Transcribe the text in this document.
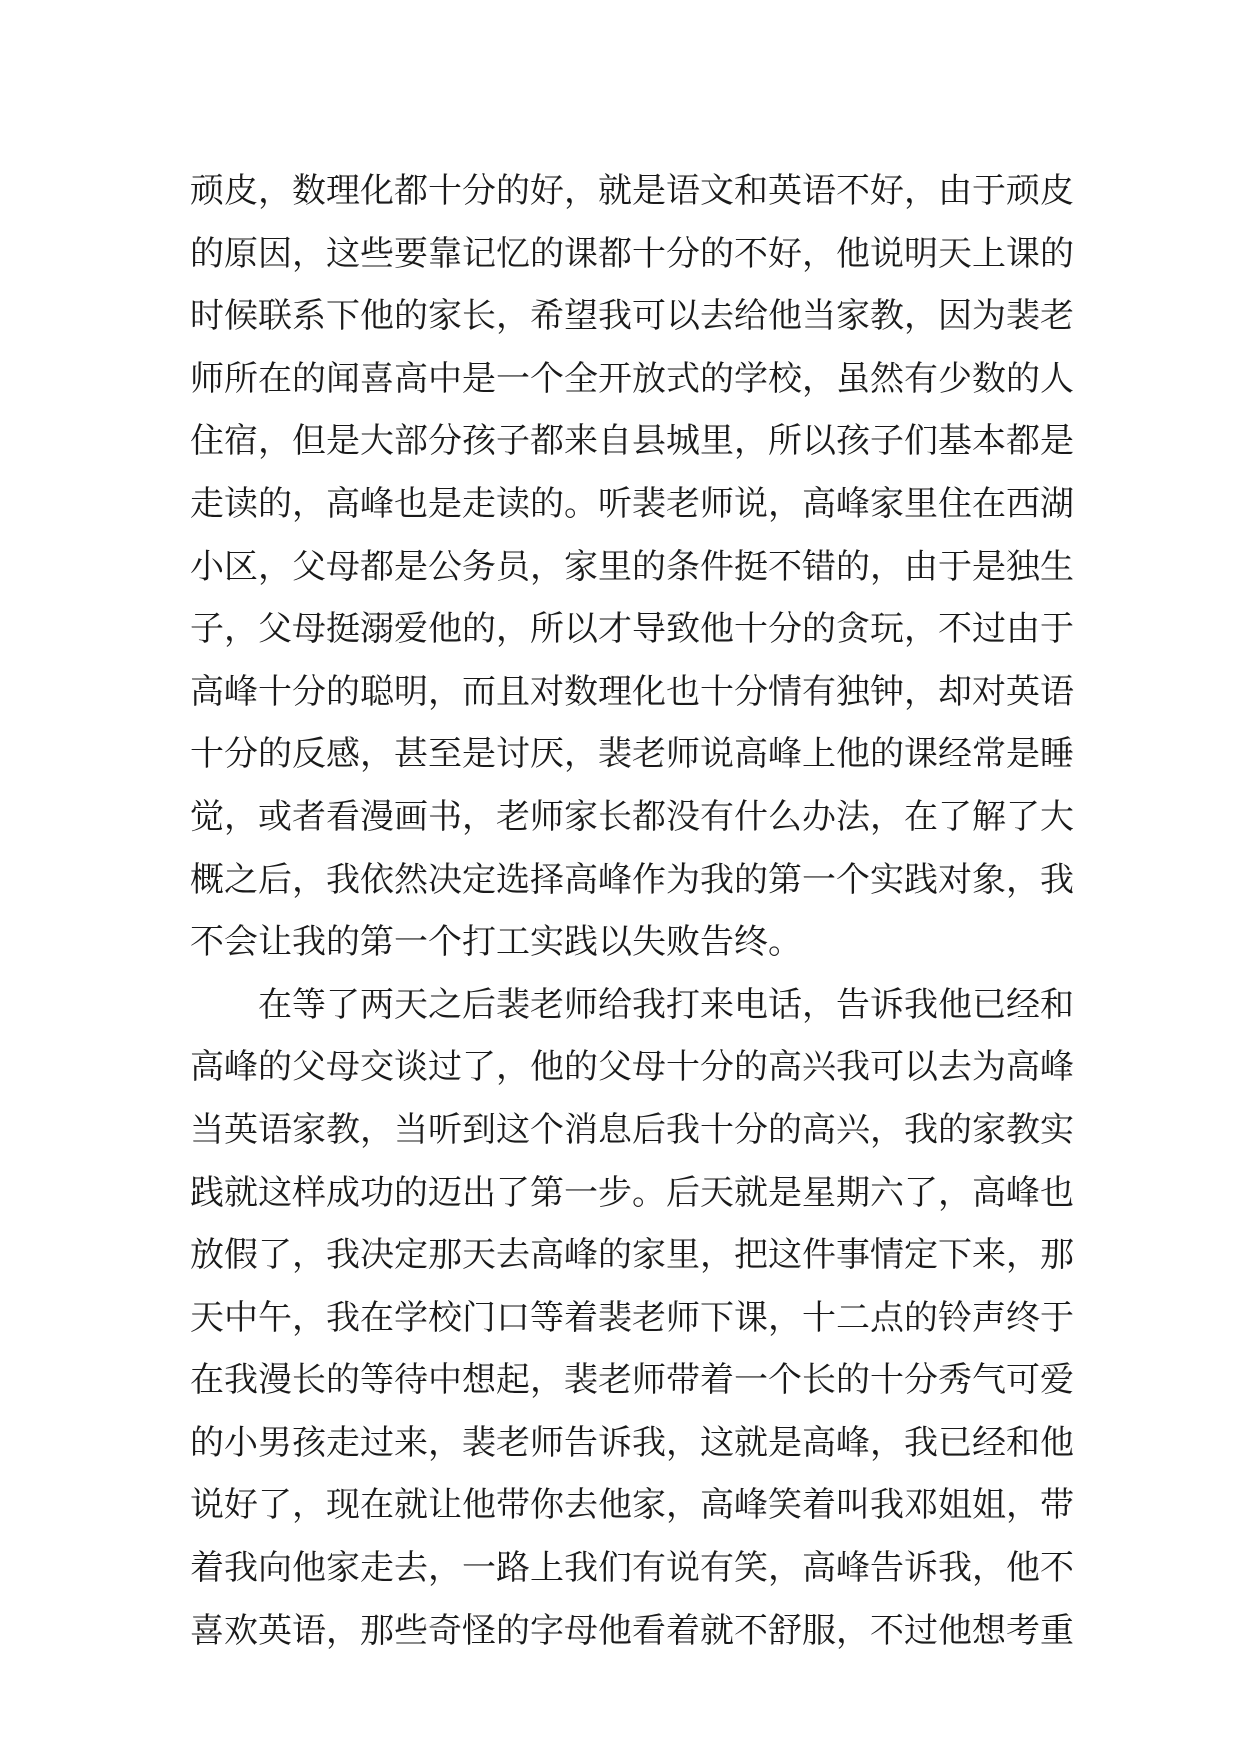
顽皮，数理化都十分的好，就是语文和英语不好，由于顽皮
的原因，这些要靠记忆的课都十分的不好，他说明天上课的
时候联系下他的家长，希望我可以去给他当家教，因为裴老
师所在的闻喜高中是一个全开放式的学校，虽然有少数的人
住宿，但是大部分孩子都来自县城里，所以孩子们基本都是
走读的，高峰也是走读的。听裴老师说，高峰家里住在西湖
小区，父母都是公务员，家里的条件挺不错的，由于是独生
子，父母挺溺爱他的，所以才导致他十分的贪玩，不过由于
高峰十分的聪明，而且对数理化也十分情有独钟，却对英语
十分的反感，甚至是讨厌，裴老师说高峰上他的课经常是睡
觉，或者看漫画书，老师家长都没有什么办法，在了解了大
概之后，我依然决定选择高峰作为我的第一个实践对象，我
不会让我的第一个打工实践以失败告终。
在等了两天之后裴老师给我打来电话，告诉我他已经和
高峰的父母交谈过了，他的父母十分的高兴我可以去为高峰
当英语家教，当听到这个消息后我十分的高兴，我的家教实
践就这样成功的迈出了第一步。后天就是星期六了，高峰也
放假了，我决定那天去高峰的家里，把这件事情定下来，那
天中午，我在学校门口等着裴老师下课，十二点的铃声终于
在我漫长的等待中想起，裴老师带着一个长的十分秀气可爱
的小男孩走过来，裴老师告诉我，这就是高峰，我已经和他
说好了，现在就让他带你去他家，高峰笑着叫我邓姐姐，带
着我向他家走去，一路上我们有说有笑，高峰告诉我，他不
喜欢英语，那些奇怪的字母他看着就不舒服，不过他想考重
